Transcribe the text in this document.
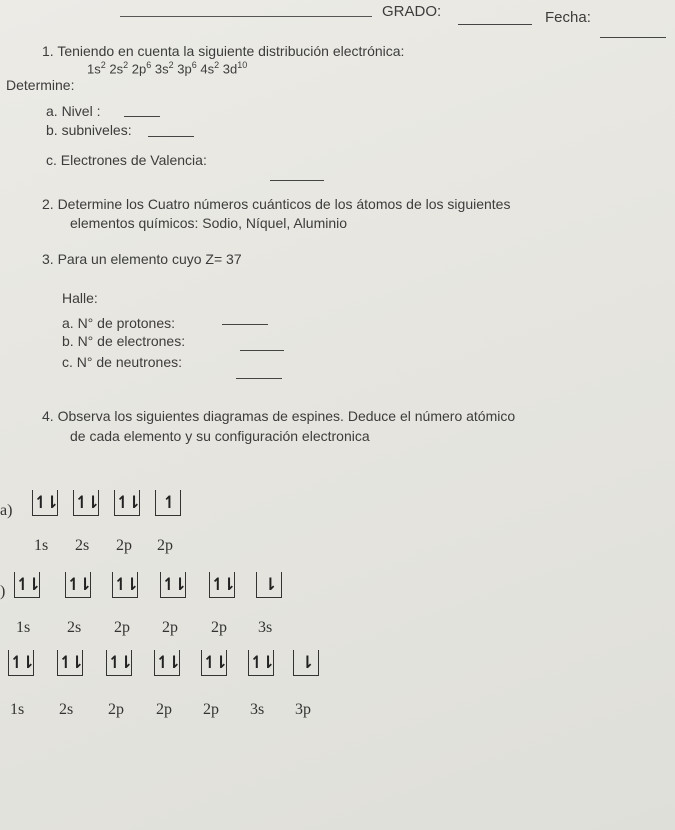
GRADO:	Fecha:
1. Teniendo en cuenta la siguiente distribución electrónica:
$1s^2$ $2s^2$ $2p^6$ $3s^2$ $3p^6$ $4s^2$ $3d^{10}$
Determine:
a. Nivel :
b. subniveles:
c. Electrones de Valencia:
2. Determine los Cuatro números cuánticos de los átomos de los siguientes
elementos químicos: Sodio, Níquel, Aluminio
3. Para un elemento cuyo Z= 37
Halle:
a. N° de protones:
b. N° de electrones:
c. N° de neutrones:
4. Observa los siguientes diagramas de espines. Deduce el número atómico
de cada elemento y su configuración electronica
a) ↿⇂ ↿⇂ ↿⇂	↿
1s 2s 2p 2p
) ↿⇂ ↿⇂ ↿⇂ ↿⇂ ↿⇂	⇂
1s 2s 2p 2p 2p 3s
↿⇂ ↿⇂ ↿⇂ ↿⇂ ↿⇂ ↿⇂	⇂
1s 2s 2p 2p 2p 3s 3p
